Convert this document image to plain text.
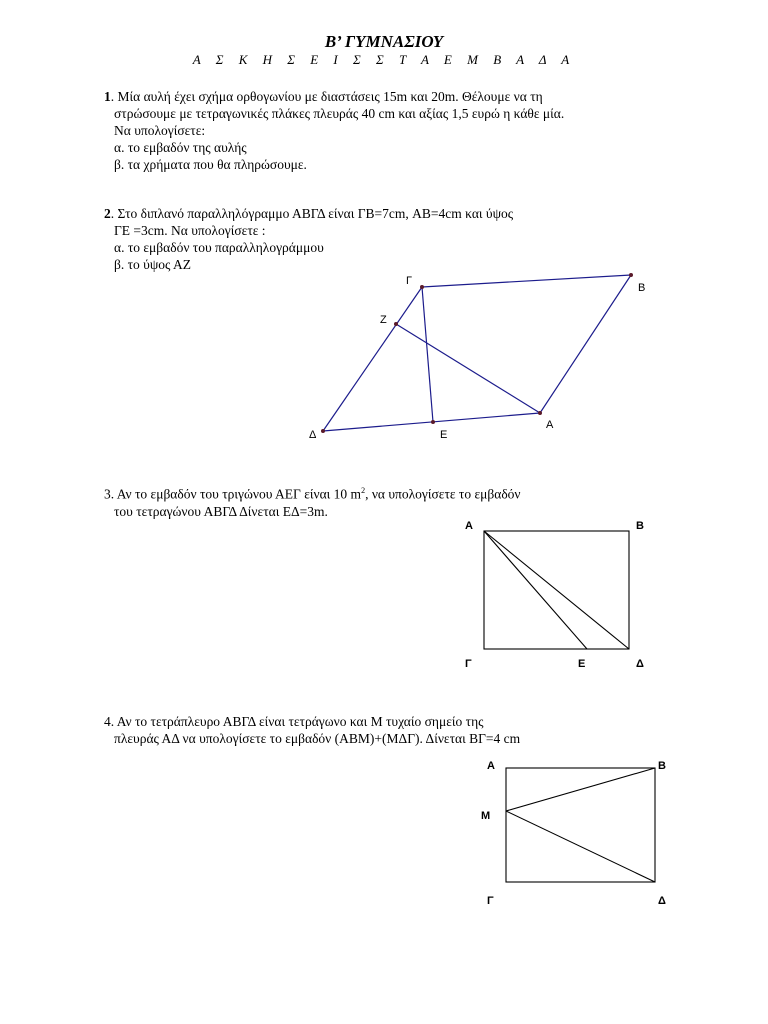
Β’ ΓΥΜΝΑΣΙΟΥ
Α Σ Κ Η Σ Ε Ι Σ Σ Τ Α Ε Μ Β Α Δ Α
1. Μία αυλή έχει σχήμα ορθογωνίου με διαστάσεις 15m και 20m. Θέλουμε να τη
στρώσουμε με τετραγωνικές πλάκες πλευράς 40 cm και αξίας 1,5 ευρώ η κάθε μία.
Να υπολογίσετε:
α. το εμβαδόν της αυλής
β. τα χρήματα που θα πληρώσουμε.
2. Στο διπλανό παραλληλόγραμμο ΑΒΓΔ είναι ΓΒ=7cm, ΑΒ=4cm και ύψος
ΓΕ =3cm. Να υπολογίσετε :
α. το εμβαδόν του παραλληλογράμμου
β. το ύψος ΑΖ
3. Αν το εμβαδόν του τριγώνου ΑΕΓ είναι 10 $m^2$, να υπολογίσετε το εμβαδόν
του τετραγώνου ΑΒΓΔ Δίνεται ΕΔ=3m.
4. Αν το τετράπλευρο ΑΒΓΔ είναι τετράγωνο και Μ τυχαίο σημείο της
πλευράς ΑΔ να υπολογίσετε το εμβαδόν (ΑΒΜ)+(ΜΔΓ). Δίνεται ΒΓ=4 cm
Γ
Β
Ζ
Α
Δ	Ε
Α	Β
Γ	Ε	Δ
Α	Β
Μ
Γ	Δ
